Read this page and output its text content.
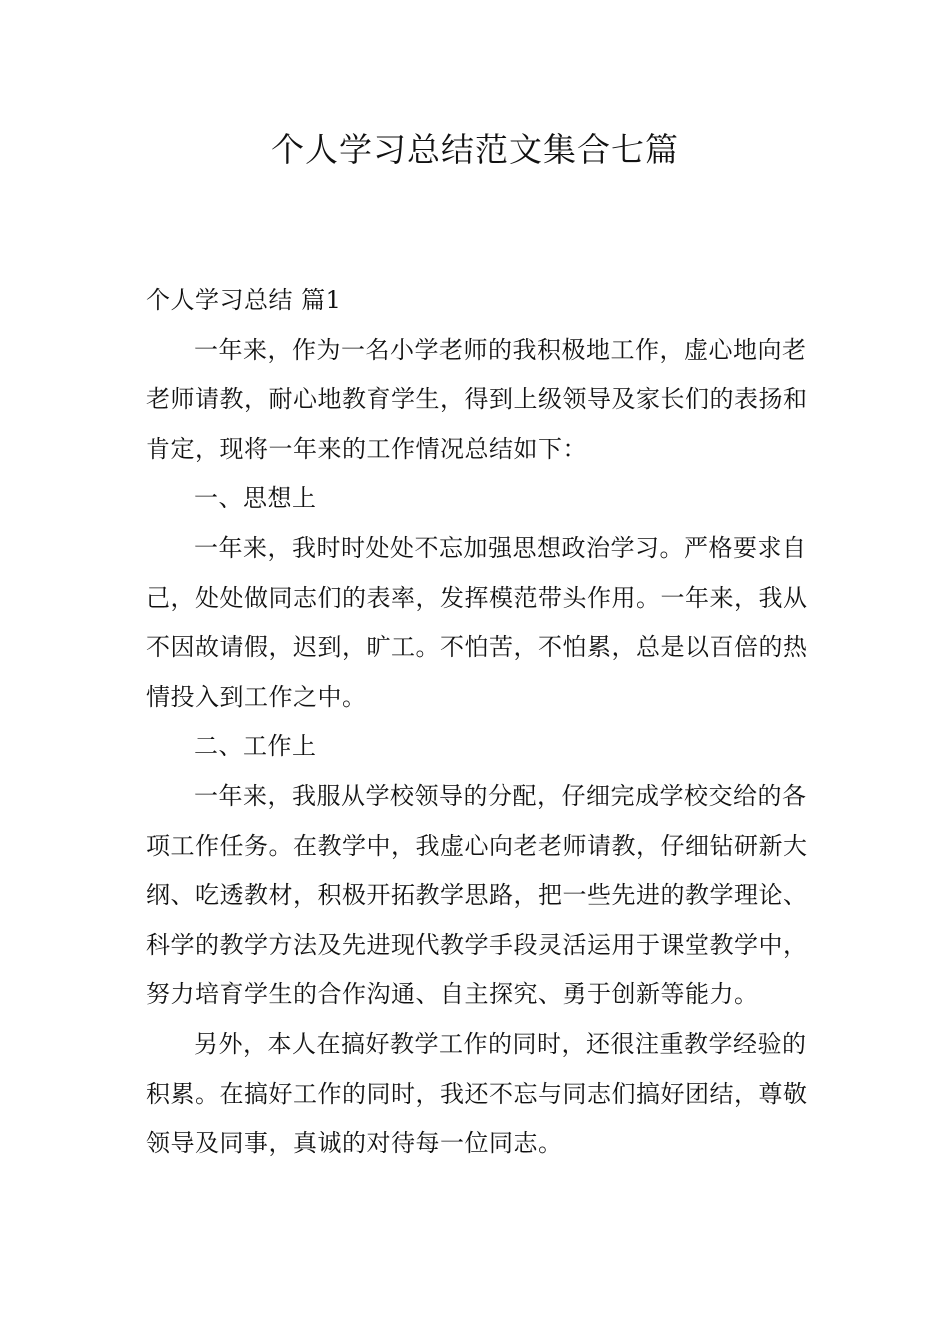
个人学习总结范文集合七篇

个人学习总结 篇1

一年来，作为一名小学老师的我积极地工作，虚心地向老老师请教，耐心地教育学生，得到上级领导及家长们的表扬和肯定，现将一年来的工作情况总结如下：

一、思想上

一年来，我时时处处不忘加强思想政治学习。严格要求自己，处处做同志们的表率，发挥模范带头作用。一年来，我从不因故请假，迟到，旷工。不怕苦，不怕累，总是以百倍的热情投入到工作之中。

二、工作上

一年来，我服从学校领导的分配，仔细完成学校交给的各项工作任务。在教学中，我虚心向老老师请教，仔细钻研新大纲、吃透教材，积极开拓教学思路，把一些先进的教学理论、科学的教学方法及先进现代教学手段灵活运用于课堂教学中，努力培育学生的合作沟通、自主探究、勇于创新等能力。

另外，本人在搞好教学工作的同时，还很注重教学经验的积累。在搞好工作的同时，我还不忘与同志们搞好团结，尊敬领导及同事，真诚的对待每一位同志。
